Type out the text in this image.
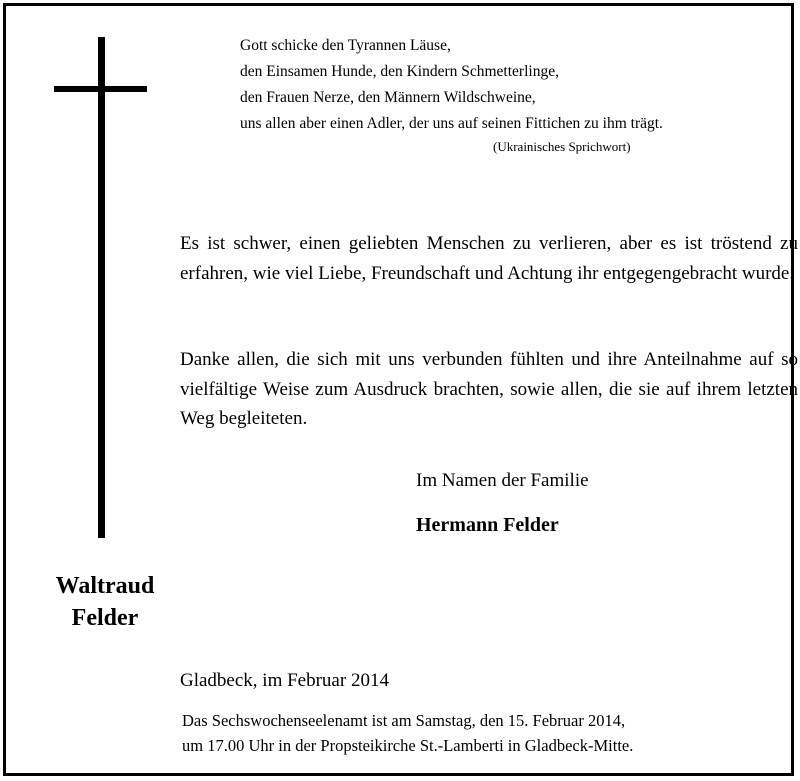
Gott schicke den Tyrannen Läuse,
den Einsamen Hunde, den Kindern Schmetterlinge,
den Frauen Nerze, den Männern Wildschweine,
uns allen aber einen Adler, der uns auf seinen Fittichen zu ihm trägt.
(Ukrainisches Sprichwort)
Es ist schwer, einen geliebten Menschen zu verlieren, aber es ist tröstend zu erfahren, wie viel Liebe, Freundschaft und Achtung ihr entgegengebracht wurde.
Danke allen, die sich mit uns verbunden fühlten und ihre Anteilnahme auf so vielfältige Weise zum Ausdruck brachten, sowie allen, die sie auf ihrem letzten Weg begleiteten.
Im Namen der Familie
Hermann Felder
Waltraud
Felder
Gladbeck, im Februar 2014
Das Sechswochenseelenamt ist am Samstag, den 15. Februar 2014,
um 17.00 Uhr in der Propsteikirche St.-Lamberti in Gladbeck-Mitte.
